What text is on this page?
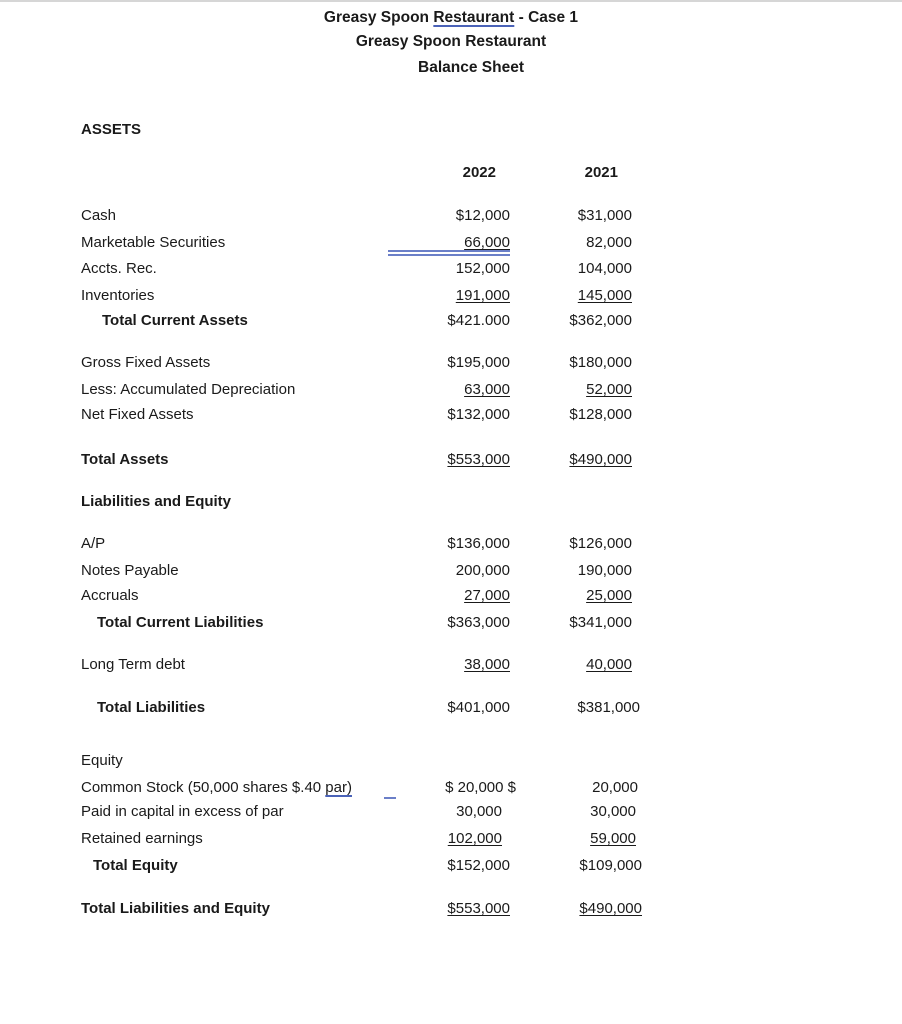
Greasy Spoon Restaurant - Case 1
Greasy Spoon Restaurant
Balance Sheet
ASSETS
2022	2021
Cash	$12,000	$31,000
Marketable Securities	66,000	82,000
Accts. Rec.	152,000	104,000
Inventories	191,000	145,000
Total Current Assets	$421.000	$362,000
Gross Fixed Assets	$195,000	$180,000
Less: Accumulated Depreciation	63,000	52,000
Net Fixed Assets	$132,000	$128,000
Total Assets	$553,000	$490,000
Liabilities and Equity
A/P	$136,000	$126,000
Notes Payable	200,000	190,000
Accruals	27,000	25,000
Total Current Liabilities	$363,000	$341,000
Long Term debt	38,000	40,000
Total Liabilities	$401,000	$381,000
Equity
Common Stock (50,000 shares $.40 par)	$ 20,000 $	20,000
Paid in capital in excess of par	30,000	30,000
Retained earnings	102,000	59,000
Total Equity	$152,000	$109,000
Total Liabilities and Equity	$553,000	$490,000
